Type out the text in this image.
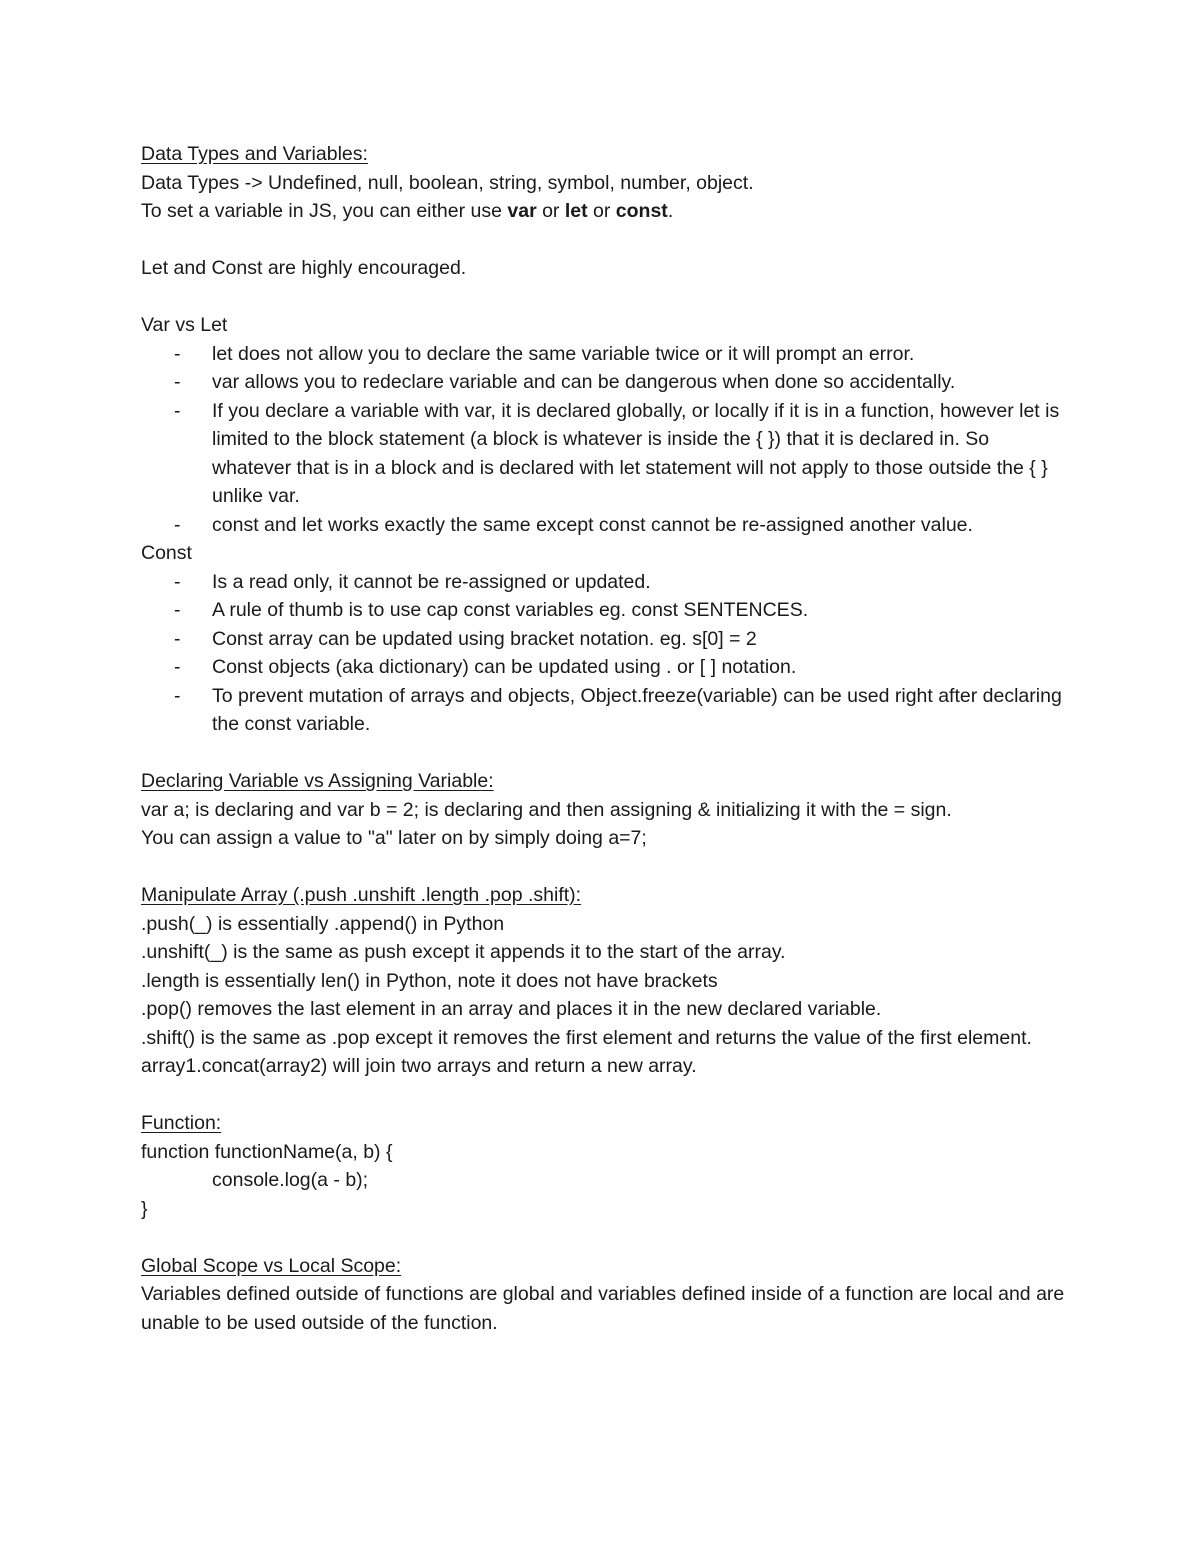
Data Types and Variables:

Data Types -> Undefined, null, boolean, string, symbol, number, object.

To set a variable in JS, you can either use var or let or const.

Let and Const are highly encouraged.

Var vs Let

- let does not allow you to declare the same variable twice or it will prompt an error.
- var allows you to redeclare variable and can be dangerous when done so accidentally.
- If you declare a variable with var, it is declared globally, or locally if it is in a function, however let is limited to the block statement (a block is whatever is inside the { }) that it is declared in. So whatever that is in a block and is declared with let statement will not apply to those outside the { } unlike var.
- const and let works exactly the same except const cannot be re-assigned another value.

Const

- Is a read only, it cannot be re-assigned or updated.
- A rule of thumb is to use cap const variables eg. const SENTENCES.
- Const array can be updated using bracket notation. eg. s[0] = 2
- Const objects (aka dictionary) can be updated using . or [ ] notation.
- To prevent mutation of arrays and objects, Object.freeze(variable) can be used right after declaring the const variable.

Declaring Variable vs Assigning Variable:

var a; is declaring and var b = 2; is declaring and then assigning & initializing it with the = sign.

You can assign a value to "a" later on by simply doing a=7;

Manipulate Array (.push .unshift .length .pop .shift):

.push(_) is essentially .append() in Python

.unshift(_) is the same as push except it appends it to the start of the array.

.length is essentially len() in Python, note it does not have brackets

.pop() removes the last element in an array and places it in the new declared variable.

.shift() is the same as .pop except it removes the first element and returns the value of the first element.

array1.concat(array2) will join two arrays and return a new array.

Function:

function functionName(a, b) {

console.log(a - b);

}

Global Scope vs Local Scope:

Variables defined outside of functions are global and variables defined inside of a function are local and are unable to be used outside of the function.
